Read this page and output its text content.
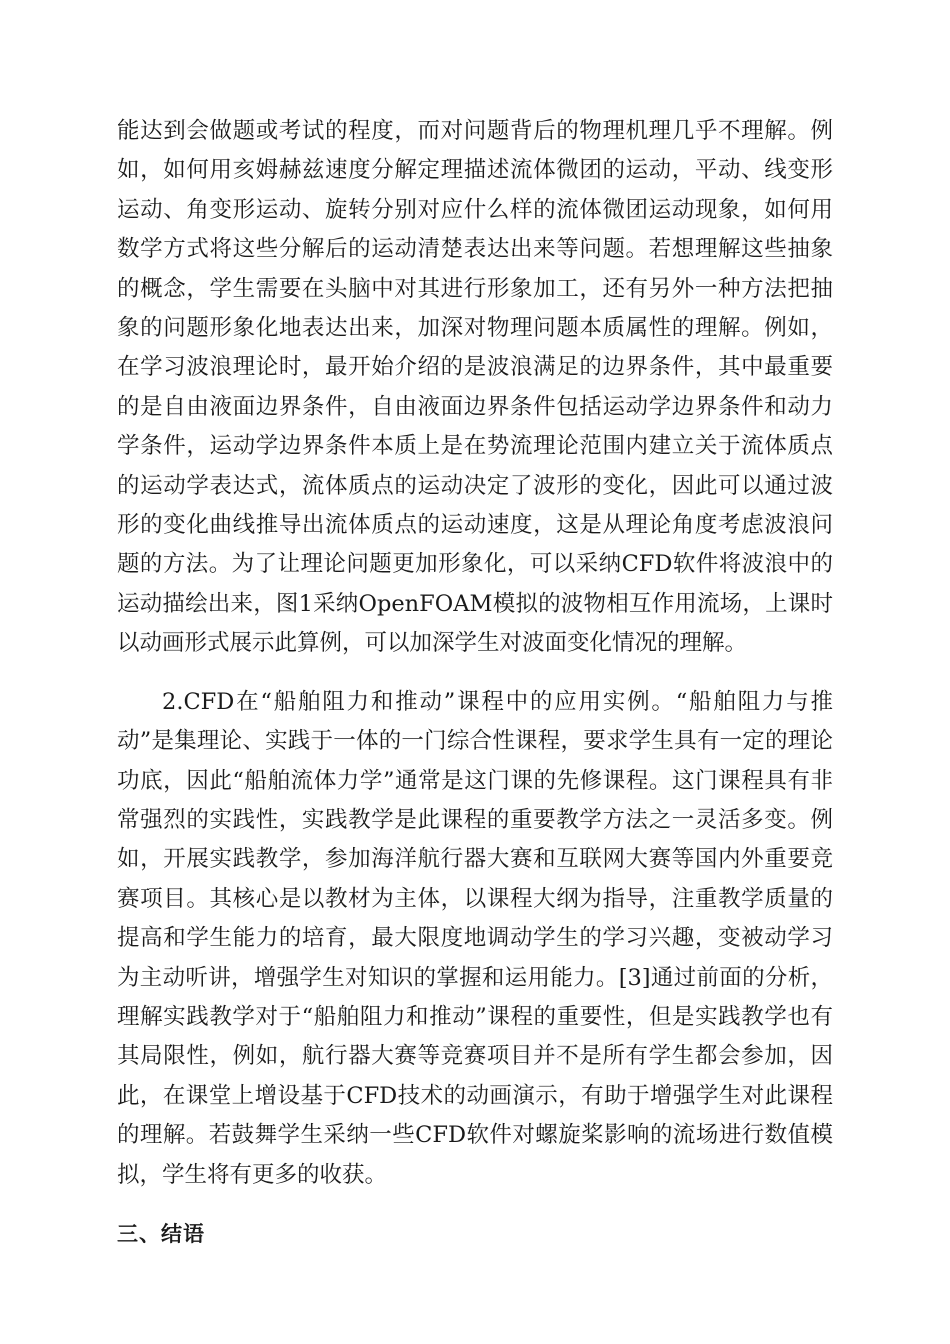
能达到会做题或考试的程度，而对问题背后的物理机理几乎不理解。例如，如何用亥姆赫兹速度分解定理描述流体微团的运动，平动、线变形运动、角变形运动、旋转分别对应什么样的流体微团运动现象，如何用数学方式将这些分解后的运动清楚表达出来等问题。若想理解这些抽象的概念，学生需要在头脑中对其进行形象加工，还有另外一种方法把抽象的问题形象化地表达出来，加深对物理问题本质属性的理解。例如，在学习波浪理论时，最开始介绍的是波浪满足的边界条件，其中最重要的是自由液面边界条件，自由液面边界条件包括运动学边界条件和动力学条件，运动学边界条件本质上是在势流理论范围内建立关于流体质点的运动学表达式，流体质点的运动决定了波形的变化，因此可以通过波形的变化曲线推导出流体质点的运动速度，这是从理论角度考虑波浪问题的方法。为了让理论问题更加形象化，可以采纳CFD软件将波浪中的运动描绘出来，图1采纳OpenFOAM模拟的波物相互作用流场，上课时以动画形式展示此算例，可以加深学生对波面变化情况的理解。

2.CFD在“船舶阻力和推动”课程中的应用实例。“船舶阻力与推动”是集理论、实践于一体的一门综合性课程，要求学生具有一定的理论功底，因此“船舶流体力学”通常是这门课的先修课程。这门课程具有非常强烈的实践性，实践教学是此课程的重要教学方法之一灵活多变。例如，开展实践教学，参加海洋航行器大赛和互联网大赛等国内外重要竞赛项目。其核心是以教材为主体，以课程大纲为指导，注重教学质量的提高和学生能力的培育，最大限度地调动学生的学习兴趣，变被动学习为主动听讲，增强学生对知识的掌握和运用能力。[3]通过前面的分析，理解实践教学对于“船舶阻力和推动”课程的重要性，但是实践教学也有其局限性，例如，航行器大赛等竞赛项目并不是所有学生都会参加，因此，在课堂上增设基于CFD技术的动画演示，有助于增强学生对此课程的理解。若鼓舞学生采纳一些CFD软件对螺旋桨影响的流场进行数值模拟，学生将有更多的收获。

三、结语
